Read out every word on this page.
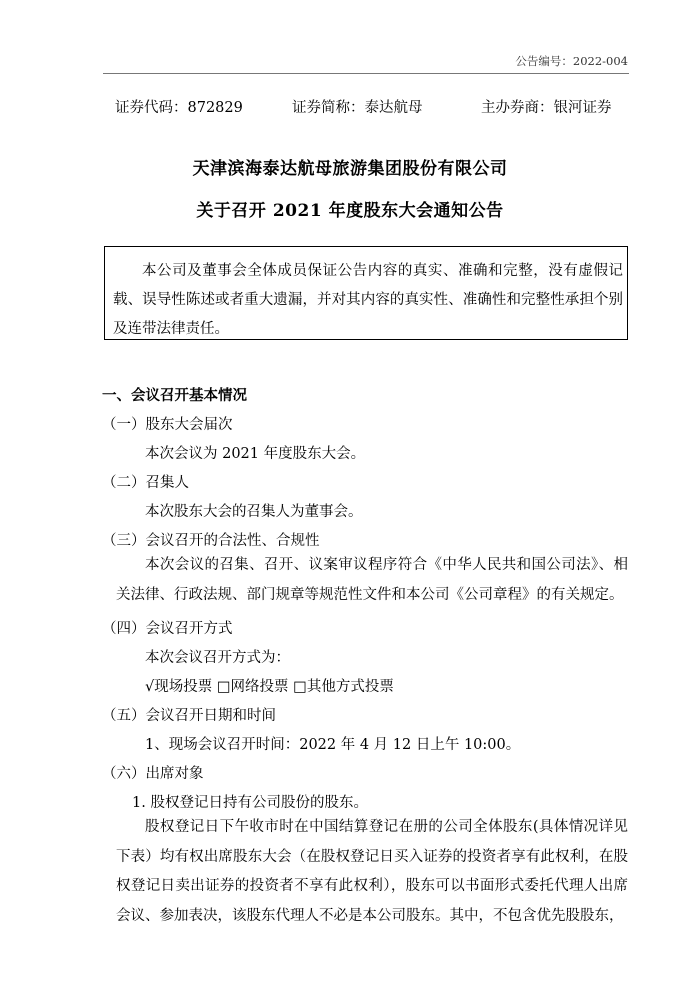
公告编号：2022-004
证券代码：872829	证券简称：泰达航母	主办券商：银河证券
天津滨海泰达航母旅游集团股份有限公司
关于召开 2021 年度股东大会通知公告

本公司及董事会全体成员保证公告内容的真实、准确和完整，没有虚假记载、误导性陈述或者重大遗漏，并对其内容的真实性、准确性和完整性承担个别及连带法律责任。

一、会议召开基本情况
（一）股东大会届次
本次会议为 2021 年度股东大会。
（二）召集人
本次股东大会的召集人为董事会。
（三）会议召开的合法性、合规性

本次会议的召集、召开、议案审议程序符合《中华人民共和国公司法》、相关法律、行政法规、部门规章等规范性文件和本公司《公司章程》的有关规定。

（四）会议召开方式
本次会议召开方式为：
√现场投票 □网络投票 □其他方式投票
（五）会议召开日期和时间
1、现场会议召开时间：2022 年 4 月 12 日上午 10:00。
（六）出席对象
1. 股权登记日持有公司股份的股东。

股权登记日下午收市时在中国结算登记在册的公司全体股东(具体情况详见下表）均有权出席股东大会（在股权登记日买入证券的投资者享有此权利，在股权登记日卖出证券的投资者不享有此权利），股东可以书面形式委托代理人出席会议、参加表决，该股东代理人不必是本公司股东。其中，不包含优先股股东，
